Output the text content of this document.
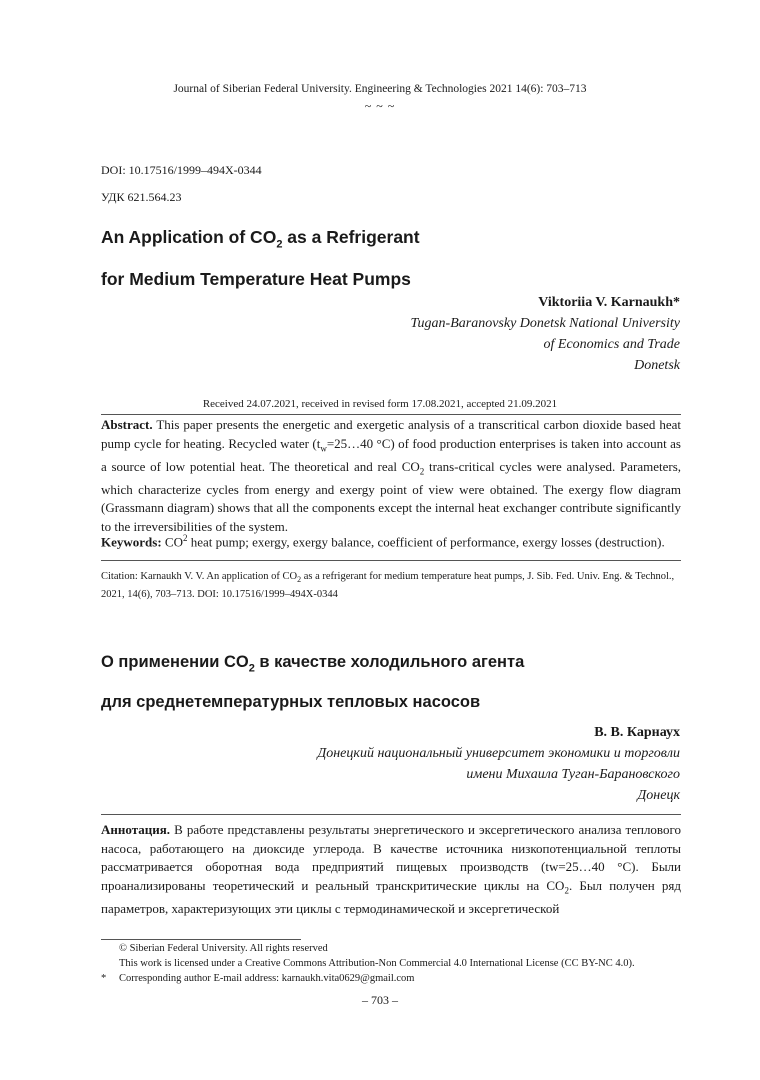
Journal of Siberian Federal University. Engineering & Technologies 2021 14(6): 703–713
~ ~ ~
DOI: 10.17516/1999–494X-0344
УДК 621.564.23
An Application of $CO_2$ as a Refrigerant
for Medium Temperature Heat Pumps
Viktoriia V. Karnaukh*
Tugan-Baranovsky Donetsk National University
of Economics and Trade
Donetsk
Received 24.07.2021, received in revised form 17.08.2021, accepted 21.09.2021
Abstract. This paper presents the energetic and exergetic analysis of a transcritical carbon dioxide based heat pump cycle for heating. Recycled water ($t_w=25\dots 40$ °C) of food production enterprises is taken into account as a source of low potential heat. The theoretical and real $CO_2$ trans-critical cycles were analysed. Parameters, which characterize cycles from energy and exergy point of view were obtained. The exergy flow diagram (Grassmann diagram) shows that all the components except the internal heat exchanger contribute significantly to the irreversibilities of the system.
Keywords: $CO^2$ heat pump; exergy, exergy balance, coefficient of performance, exergy losses (destruction).
Citation: Karnaukh V. V. An application of $CO_2$ as a refrigerant for medium temperature heat pumps, J. Sib. Fed. Univ. Eng. & Technol., 2021, 14(6), 703–713. DOI: 10.17516/1999–494X-0344
О применении $CO_2$ в качестве холодильного агента
для среднетемпературных тепловых насосов
В. В. Карнаух
Донецкий национальный университет экономики и торговли
имени Михаила Туган-Барановского
Донецк
Аннотация. В работе представлены результаты энергетического и эксергетического анализа теплового насоса, работающего на диоксиде углерода. В качестве источника низкопотенциальной теплоты рассматривается оборотная вода предприятий пищевых производств (tw=25…40 °C). Были проанализированы теоретический и реальный транскритические циклы на $CO_2$. Был получен ряд параметров, характеризующих эти циклы с термодинамической и эксергетической
© Siberian Federal University. All rights reserved
This work is licensed under a Creative Commons Attribution-Non Commercial 4.0 International License (CC BY-NC 4.0).
*	Corresponding author E-mail address: karnaukh.vita0629@gmail.com
– 703 –
